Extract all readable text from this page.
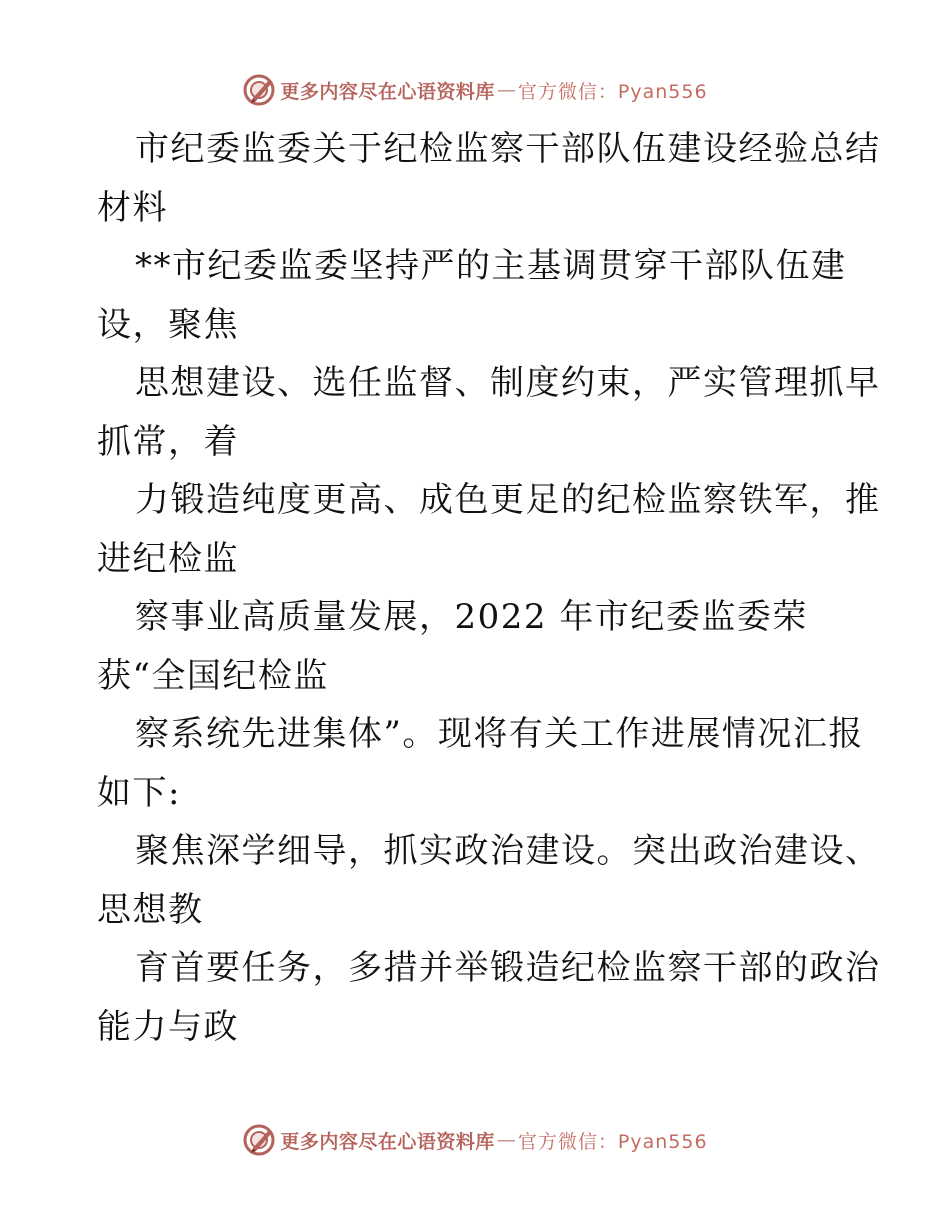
更多内容尽在心语资料库 — 官方微信：Pyan556
市纪委监委关于纪检监察干部队伍建设经验总结
材料
**市纪委监委坚持严的主基调贯穿干部队伍建
设，聚焦
思想建设、选任监督、制度约束，严实管理抓早
抓常，着
力锻造纯度更高、成色更足的纪检监察铁军，推
进纪检监
察事业高质量发展，2022 年市纪委监委荣
获“全国纪检监
察系统先进集体”。现将有关工作进展情况汇报
如下:
聚焦深学细导，抓实政治建设。突出政治建设、
思想教
育首要任务，多措并举锻造纪检监察干部的政治
能力与政
更多内容尽在心语资料库 — 官方微信：Pyan556
